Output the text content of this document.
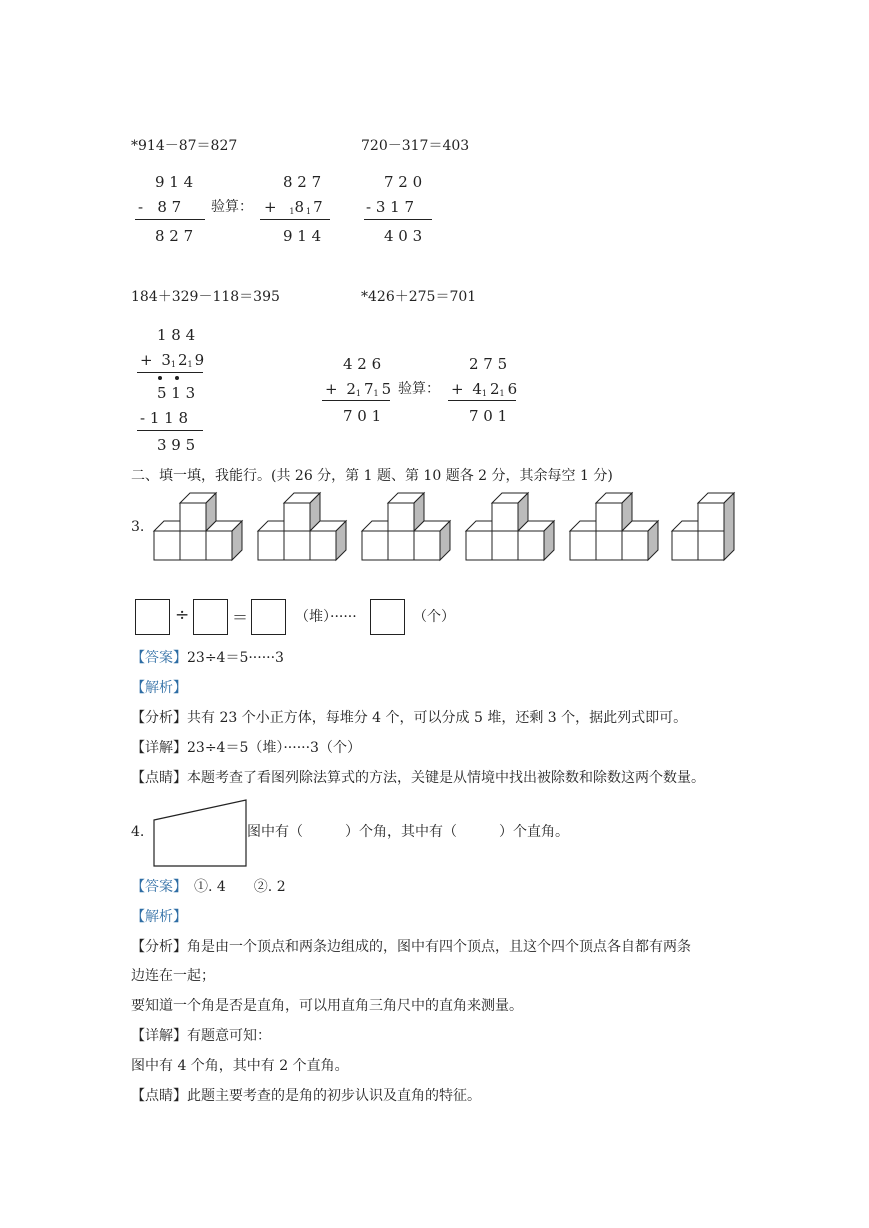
*914－87＝827
9 1 4
-   8 7
8 2 7
验算：
8 2 7
+ $_1$8 $_1$ 7
9 1 4
720－317＝403
7 2 0
- 3 1 7
4 0 3
184＋329－118＝395
1 8 4
+ $3_1$ $2_1$ 9
5 1 3
- 1 1 8
3 9 5
*426＋275＝701
4 2 6
+ $2_1$ $7_1$ 5
7 0 1
验算：
2 7 5
+ $4_1$ $2_1$ 6
7 0 1
二、填一填，我能行。(共 26 分，第 1 题、第 10 题各 2 分，其余每空 1 分)
3.
÷	＝	（堆）······	（个）
【答案】23÷4＝5······3
【解析】
【分析】共有 23 个小正方体，每堆分 4 个，可以分成 5 堆，还剩 3 个，据此列式即可。
【详解】23÷4＝5（堆）······3（个）
【点睛】本题考查了看图列除法算式的方法，关键是从情境中找出被除数和除数这两个数量。
4.	图中有（　　　）个角，其中有（　　　）个直角。
【答案】　①. 4　　②. 2
【解析】
【分析】角是由一个顶点和两条边组成的，图中有四个顶点，且这个四个顶点各自都有两条
边连在一起；
要知道一个角是否是直角，可以用直角三角尺中的直角来测量。
【详解】有题意可知：
图中有 4 个角，其中有 2 个直角。
【点睛】此题主要考查的是角的初步认识及直角的特征。
